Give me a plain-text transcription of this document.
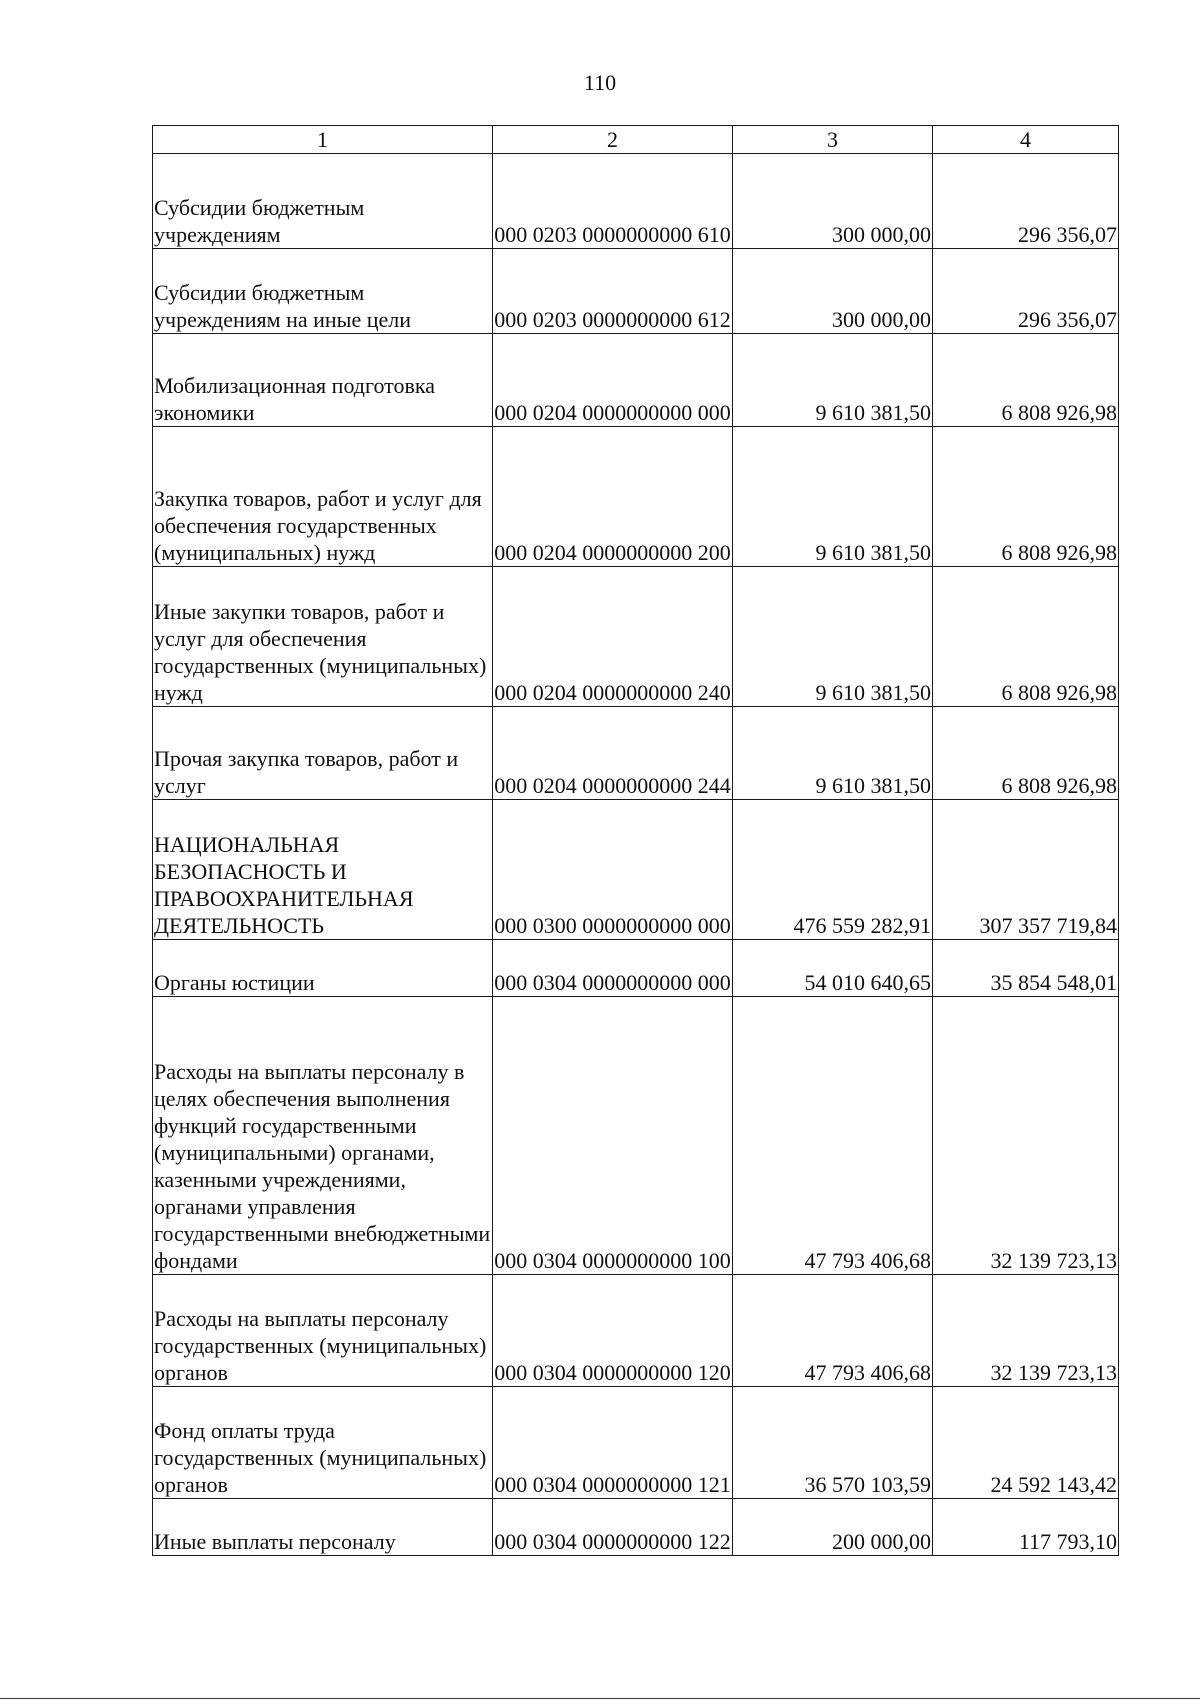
110
1	2	3	4
Субсидии бюджетным учреждениям	000 0203 0000000000 610	300 000,00	296 356,07
Субсидии бюджетным учреждениям на иные цели	000 0203 0000000000 612	300 000,00	296 356,07
Мобилизационная подготовка экономики	000 0204 0000000000 000	9 610 381,50	6 808 926,98
Закупка товаров, работ и услуг для обеспечения государственных (муниципальных) нужд	000 0204 0000000000 200	9 610 381,50	6 808 926,98
Иные закупки товаров, работ и услуг для обеспечения государственных (муниципальных) нужд	000 0204 0000000000 240	9 610 381,50	6 808 926,98
Прочая закупка товаров, работ и услуг	000 0204 0000000000 244	9 610 381,50	6 808 926,98
НАЦИОНАЛЬНАЯ БЕЗОПАСНОСТЬ И ПРАВООХРАНИТЕЛЬНАЯ ДЕЯТЕЛЬНОСТЬ	000 0300 0000000000 000	476 559 282,91	307 357 719,84
Органы юстиции	000 0304 0000000000 000	54 010 640,65	35 854 548,01
Расходы на выплаты персоналу в целях обеспечения выполнения функций государственными (муниципальными) органами, казенными учреждениями, органами управления государственными внебюджетными фондами	000 0304 0000000000 100	47 793 406,68	32 139 723,13
Расходы на выплаты персоналу государственных (муниципальных) органов	000 0304 0000000000 120	47 793 406,68	32 139 723,13
Фонд оплаты труда государственных (муниципальных) органов	000 0304 0000000000 121	36 570 103,59	24 592 143,42
Иные выплаты персоналу	000 0304 0000000000 122	200 000,00	117 793,10
